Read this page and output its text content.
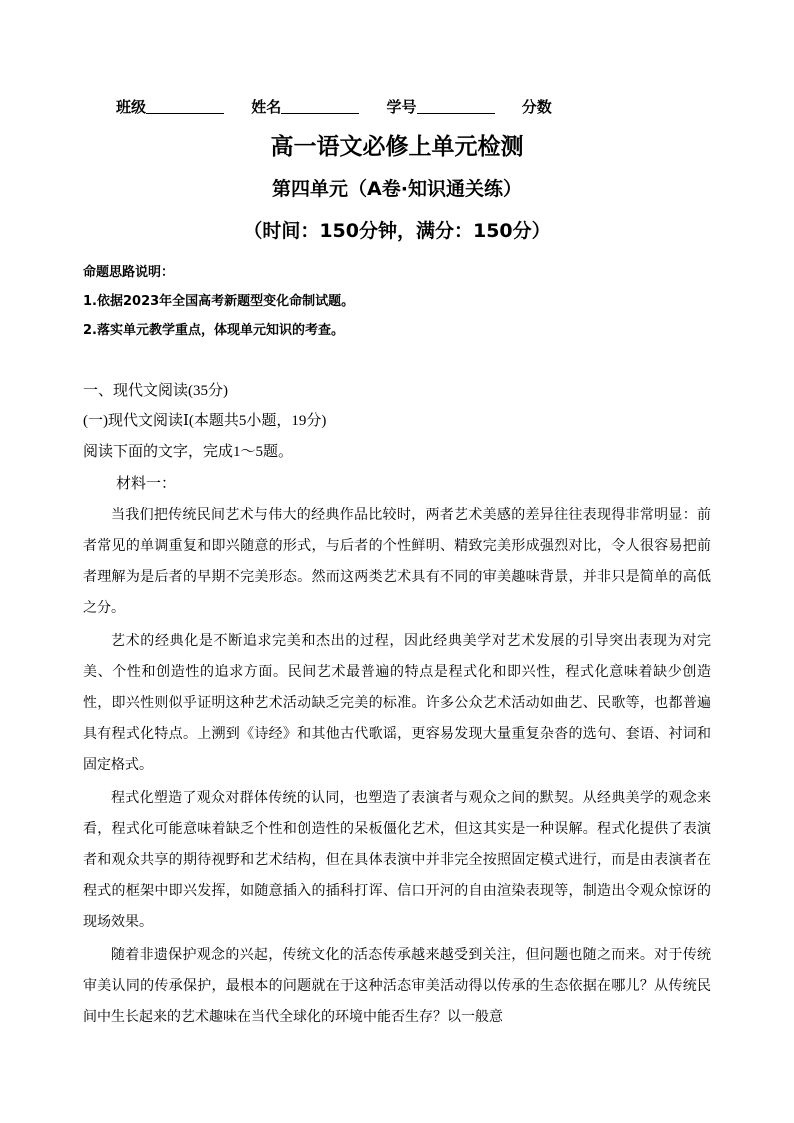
班级	姓名	学号	分数
高一语文必修上单元检测
第四单元（A卷·知识通关练）
（时间：150分钟，满分：150分）
命题思路说明：
1.依据2023年全国高考新题型变化命制试题。
2.落实单元教学重点，体现单元知识的考查。
一、现代文阅读(35分)
(一)现代文阅读Ⅰ(本题共5小题，19分)
阅读下面的文字，完成1～5题。
材料一：

当我们把传统民间艺术与伟大的经典作品比较时，两者艺术美感的差异往往表现得非常明显：前者常见的单调重复和即兴随意的形式，与后者的个性鲜明、精致完美形成强烈对比，令人很容易把前者理解为是后者的早期不完美形态。然而这两类艺术具有不同的审美趣味背景，并非只是简单的高低之分。

艺术的经典化是不断追求完美和杰出的过程，因此经典美学对艺术发展的引导突出表现为对完美、个性和创造性的追求方面。民间艺术最普遍的特点是程式化和即兴性，程式化意味着缺少创造性，即兴性则似乎证明这种艺术活动缺乏完美的标准。许多公众艺术活动如曲艺、民歌等，也都普遍具有程式化特点。上溯到《诗经》和其他古代歌谣，更容易发现大量重复杂沓的选句、套语、衬词和固定格式。

程式化塑造了观众对群体传统的认同，也塑造了表演者与观众之间的默契。从经典美学的观念来看，程式化可能意味着缺乏个性和创造性的呆板僵化艺术，但这其实是一种误解。程式化提供了表演者和观众共享的期待视野和艺术结构，但在具体表演中并非完全按照固定模式进行，而是由表演者在程式的框架中即兴发挥，如随意插入的插科打诨、信口开河的自由渲染表现等，制造出令观众惊讶的现场效果。

随着非遗保护观念的兴起，传统文化的活态传承越来越受到关注，但问题也随之而来。对于传统审美认同的传承保护，最根本的问题就在于这种活态审美活动得以传承的生态依据在哪儿？从传统民间中生长起来的艺术趣味在当代全球化的环境中能否生存？以一般意
